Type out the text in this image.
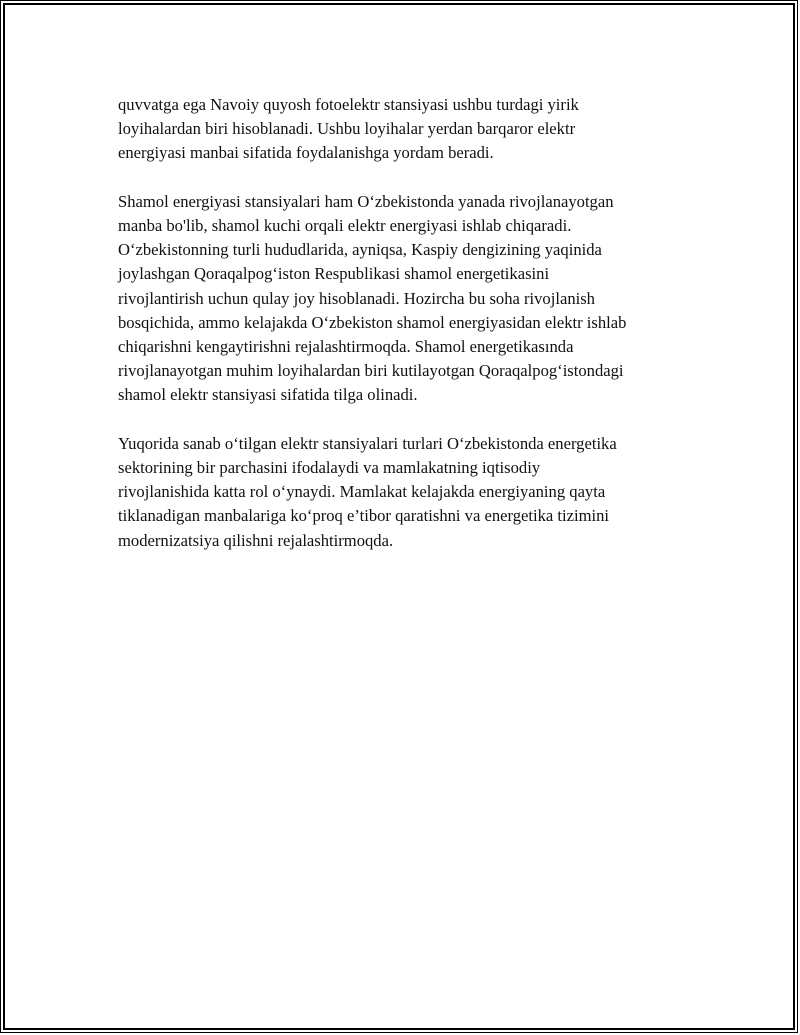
quvvatga ega Navoiy quyosh fotoelektr stansiyasi ushbu turdagi yirik
loyihalardan biri hisoblanadi. Ushbu loyihalar yerdan barqaror elektr
energiyasi manbai sifatida foydalanishga yordam beradi.

Shamol energiyasi stansiyalari ham O‘zbekistonda yanada rivojlanayotgan
manba bo'lib, shamol kuchi orqali elektr energiyasi ishlab chiqaradi.
O‘zbekistonning turli hududlarida, ayniqsa, Kaspiy dengizining yaqinida
joylashgan Qoraqalpog‘iston Respublikasi shamol energetikasini
rivojlantirish uchun qulay joy hisoblanadi. Hozircha bu soha rivojlanish
bosqichida, ammo kelajakda O‘zbekiston shamol energiyasidan elektr ishlab
chiqarishni kengaytirishni rejalashtirmoqda. Shamol energetikasında
rivojlanayotgan muhim loyihalardan biri kutilayotgan Qoraqalpog‘istondagi
shamol elektr stansiyasi sifatida tilga olinadi.

Yuqorida sanab o‘tilgan elektr stansiyalari turlari O‘zbekistonda energetika
sektorining bir parchasini ifodalaydi va mamlakatning iqtisodiy
rivojlanishida katta rol o‘ynaydi. Mamlakat kelajakda energiyaning qayta
tiklanadigan manbalariga ko‘proq e’tibor qaratishni va energetika tizimini
modernizatsiya qilishni rejalashtirmoqda.
